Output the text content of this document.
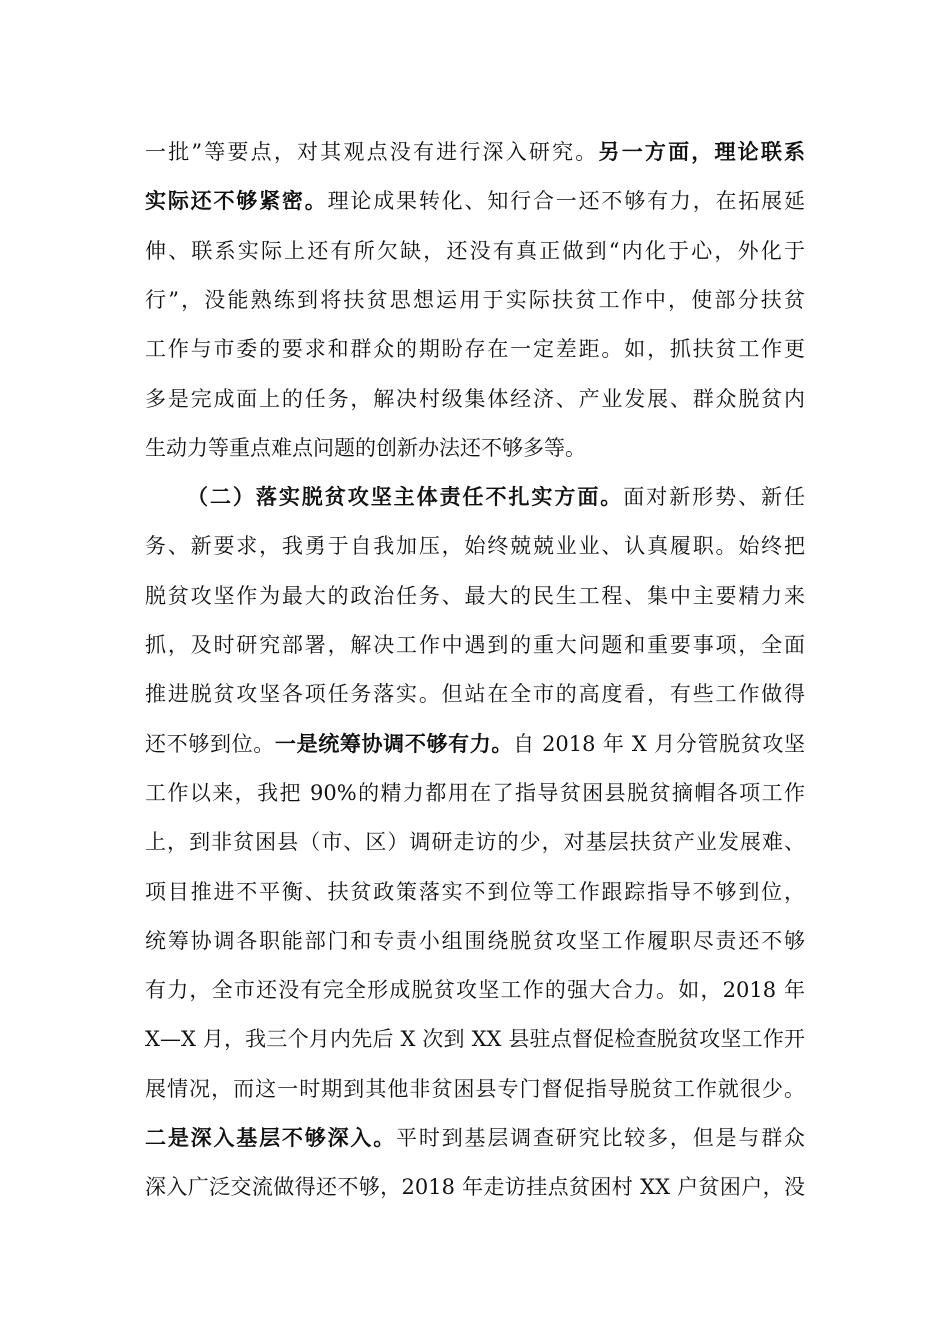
一批”等要点，对其观点没有进行深入研究。另一方面，理论联系
实际还不够紧密。理论成果转化、知行合一还不够有力，在拓展延
伸、联系实际上还有所欠缺，还没有真正做到“内化于心，外化于
行”，没能熟练到将扶贫思想运用于实际扶贫工作中，使部分扶贫
工作与市委的要求和群众的期盼存在一定差距。如，抓扶贫工作更
多是完成面上的任务，解决村级集体经济、产业发展、群众脱贫内
生动力等重点难点问题的创新办法还不够多等。
（二）落实脱贫攻坚主体责任不扎实方面。面对新形势、新任
务、新要求，我勇于自我加压，始终兢兢业业、认真履职。始终把
脱贫攻坚作为最大的政治任务、最大的民生工程、集中主要精力来
抓，及时研究部署，解决工作中遇到的重大问题和重要事项，全面
推进脱贫攻坚各项任务落实。但站在全市的高度看，有些工作做得
还不够到位。一是统筹协调不够有力。自 2018 年 X 月分管脱贫攻坚
工作以来，我把 90%的精力都用在了指导贫困县脱贫摘帽各项工作
上，到非贫困县（市、区）调研走访的少，对基层扶贫产业发展难、
项目推进不平衡、扶贫政策落实不到位等工作跟踪指导不够到位，
统筹协调各职能部门和专责小组围绕脱贫攻坚工作履职尽责还不够
有力，全市还没有完全形成脱贫攻坚工作的强大合力。如，2018 年
X—X 月，我三个月内先后 X 次到 XX 县驻点督促检查脱贫攻坚工作开
展情况，而这一时期到其他非贫困县专门督促指导脱贫工作就很少。
二是深入基层不够深入。平时到基层调查研究比较多，但是与群众
深入广泛交流做得还不够，2018 年走访挂点贫困村 XX 户贫困户，没
